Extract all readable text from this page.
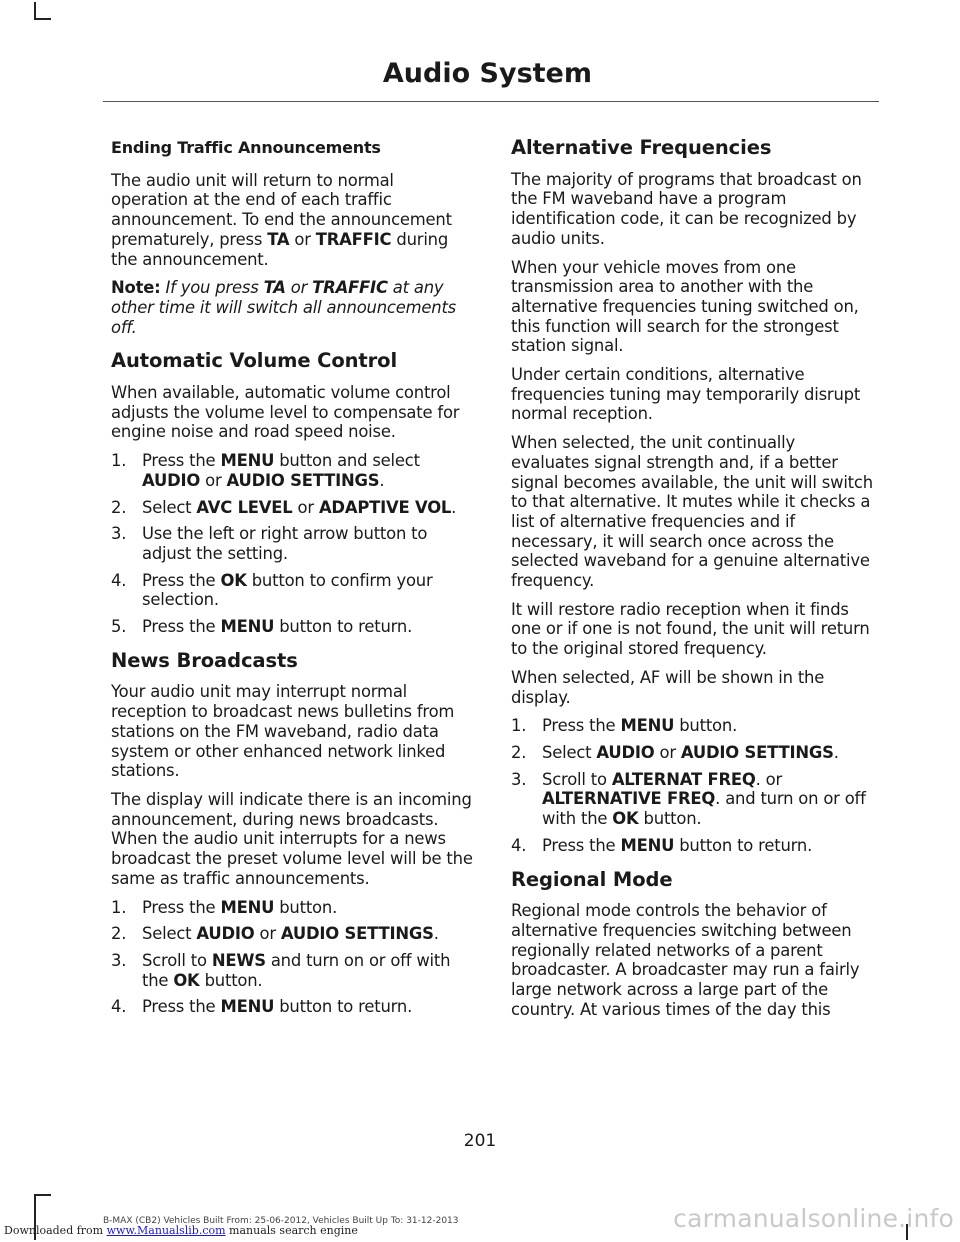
Audio System
Ending Traffic Announcements

The audio unit will return to normal operation at the end of each traffic announcement. To end the announcement prematurely, press TA or TRAFFIC during the announcement.

Note: If you press TA or TRAFFIC at any other time it will switch all announcements off.

Automatic Volume Control

When available, automatic volume control adjusts the volume level to compensate for engine noise and road speed noise.

1. Press the MENU button and select AUDIO or AUDIO SETTINGS.
2. Select AVC LEVEL or ADAPTIVE VOL.
3. Use the left or right arrow button to adjust the setting.
4. Press the OK button to confirm your selection.
5. Press the MENU button to return.
News Broadcasts

Your audio unit may interrupt normal reception to broadcast news bulletins from stations on the FM waveband, radio data system or other enhanced network linked stations.

The display will indicate there is an incoming announcement, during news broadcasts. When the audio unit interrupts for a news broadcast the preset volume level will be the same as traffic announcements.

1. Press the MENU button.
2. Select AUDIO or AUDIO SETTINGS.
3. Scroll to NEWS and turn on or off with the OK button.
4. Press the MENU button to return.
Alternative Frequencies

The majority of programs that broadcast on the FM waveband have a program identification code, it can be recognized by audio units.

When your vehicle moves from one transmission area to another with the alternative frequencies tuning switched on, this function will search for the strongest station signal.

Under certain conditions, alternative frequencies tuning may temporarily disrupt normal reception.

When selected, the unit continually evaluates signal strength and, if a better signal becomes available, the unit will switch to that alternative. It mutes while it checks a list of alternative frequencies and if necessary, it will search once across the selected waveband for a genuine alternative frequency.

It will restore radio reception when it finds one or if one is not found, the unit will return to the original stored frequency.

When selected, AF will be shown in the display.

1. Press the MENU button.
2. Select AUDIO or AUDIO SETTINGS.
3. Scroll to ALTERNAT FREQ. or ALTERNATIVE FREQ. and turn on or off with the OK button.
4. Press the MENU button to return.
Regional Mode

Regional mode controls the behavior of alternative frequencies switching between regionally related networks of a parent broadcaster. A broadcaster may run a fairly large network across a large part of the country. At various times of the day this

201
B-MAX (CB2) Vehicles Built From: 25-06-2012, Vehicles Built Up To: 31-12-2013
Downloaded from www.Manualslib.com manuals search engine	carmanualsonline.info
